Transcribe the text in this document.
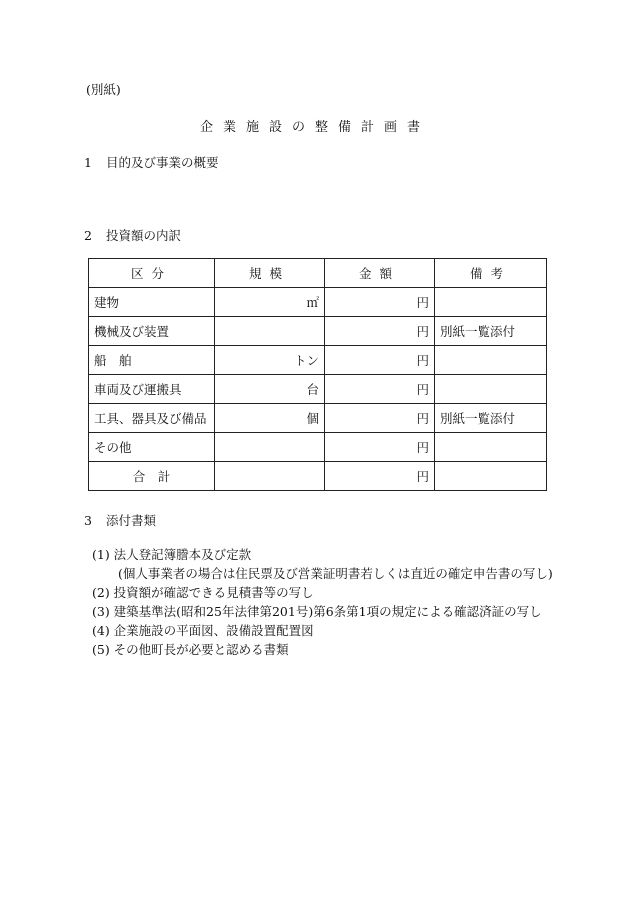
(別紙)
企業施設の整備計画書
1 目的及び事業の概要
2 投資額の内訳
区分	規模	金額	備考
建物	㎡	円	
機械及び装置		円	別紙一覧添付
船　舶	トン	円	
車両及び運搬具	台	円	
工具、器具及び備品	個	円	別紙一覧添付
その他		円	
合　計		円	
3 添付書類
(1) 法人登記簿謄本及び定款
(個人事業者の場合は住民票及び営業証明書若しくは直近の確定申告書の写し)
(2) 投資額が確認できる見積書等の写し
(3) 建築基準法(昭和25年法律第201号)第6条第1項の規定による確認済証の写し
(4) 企業施設の平面図、設備設置配置図
(5) その他町長が必要と認める書類
